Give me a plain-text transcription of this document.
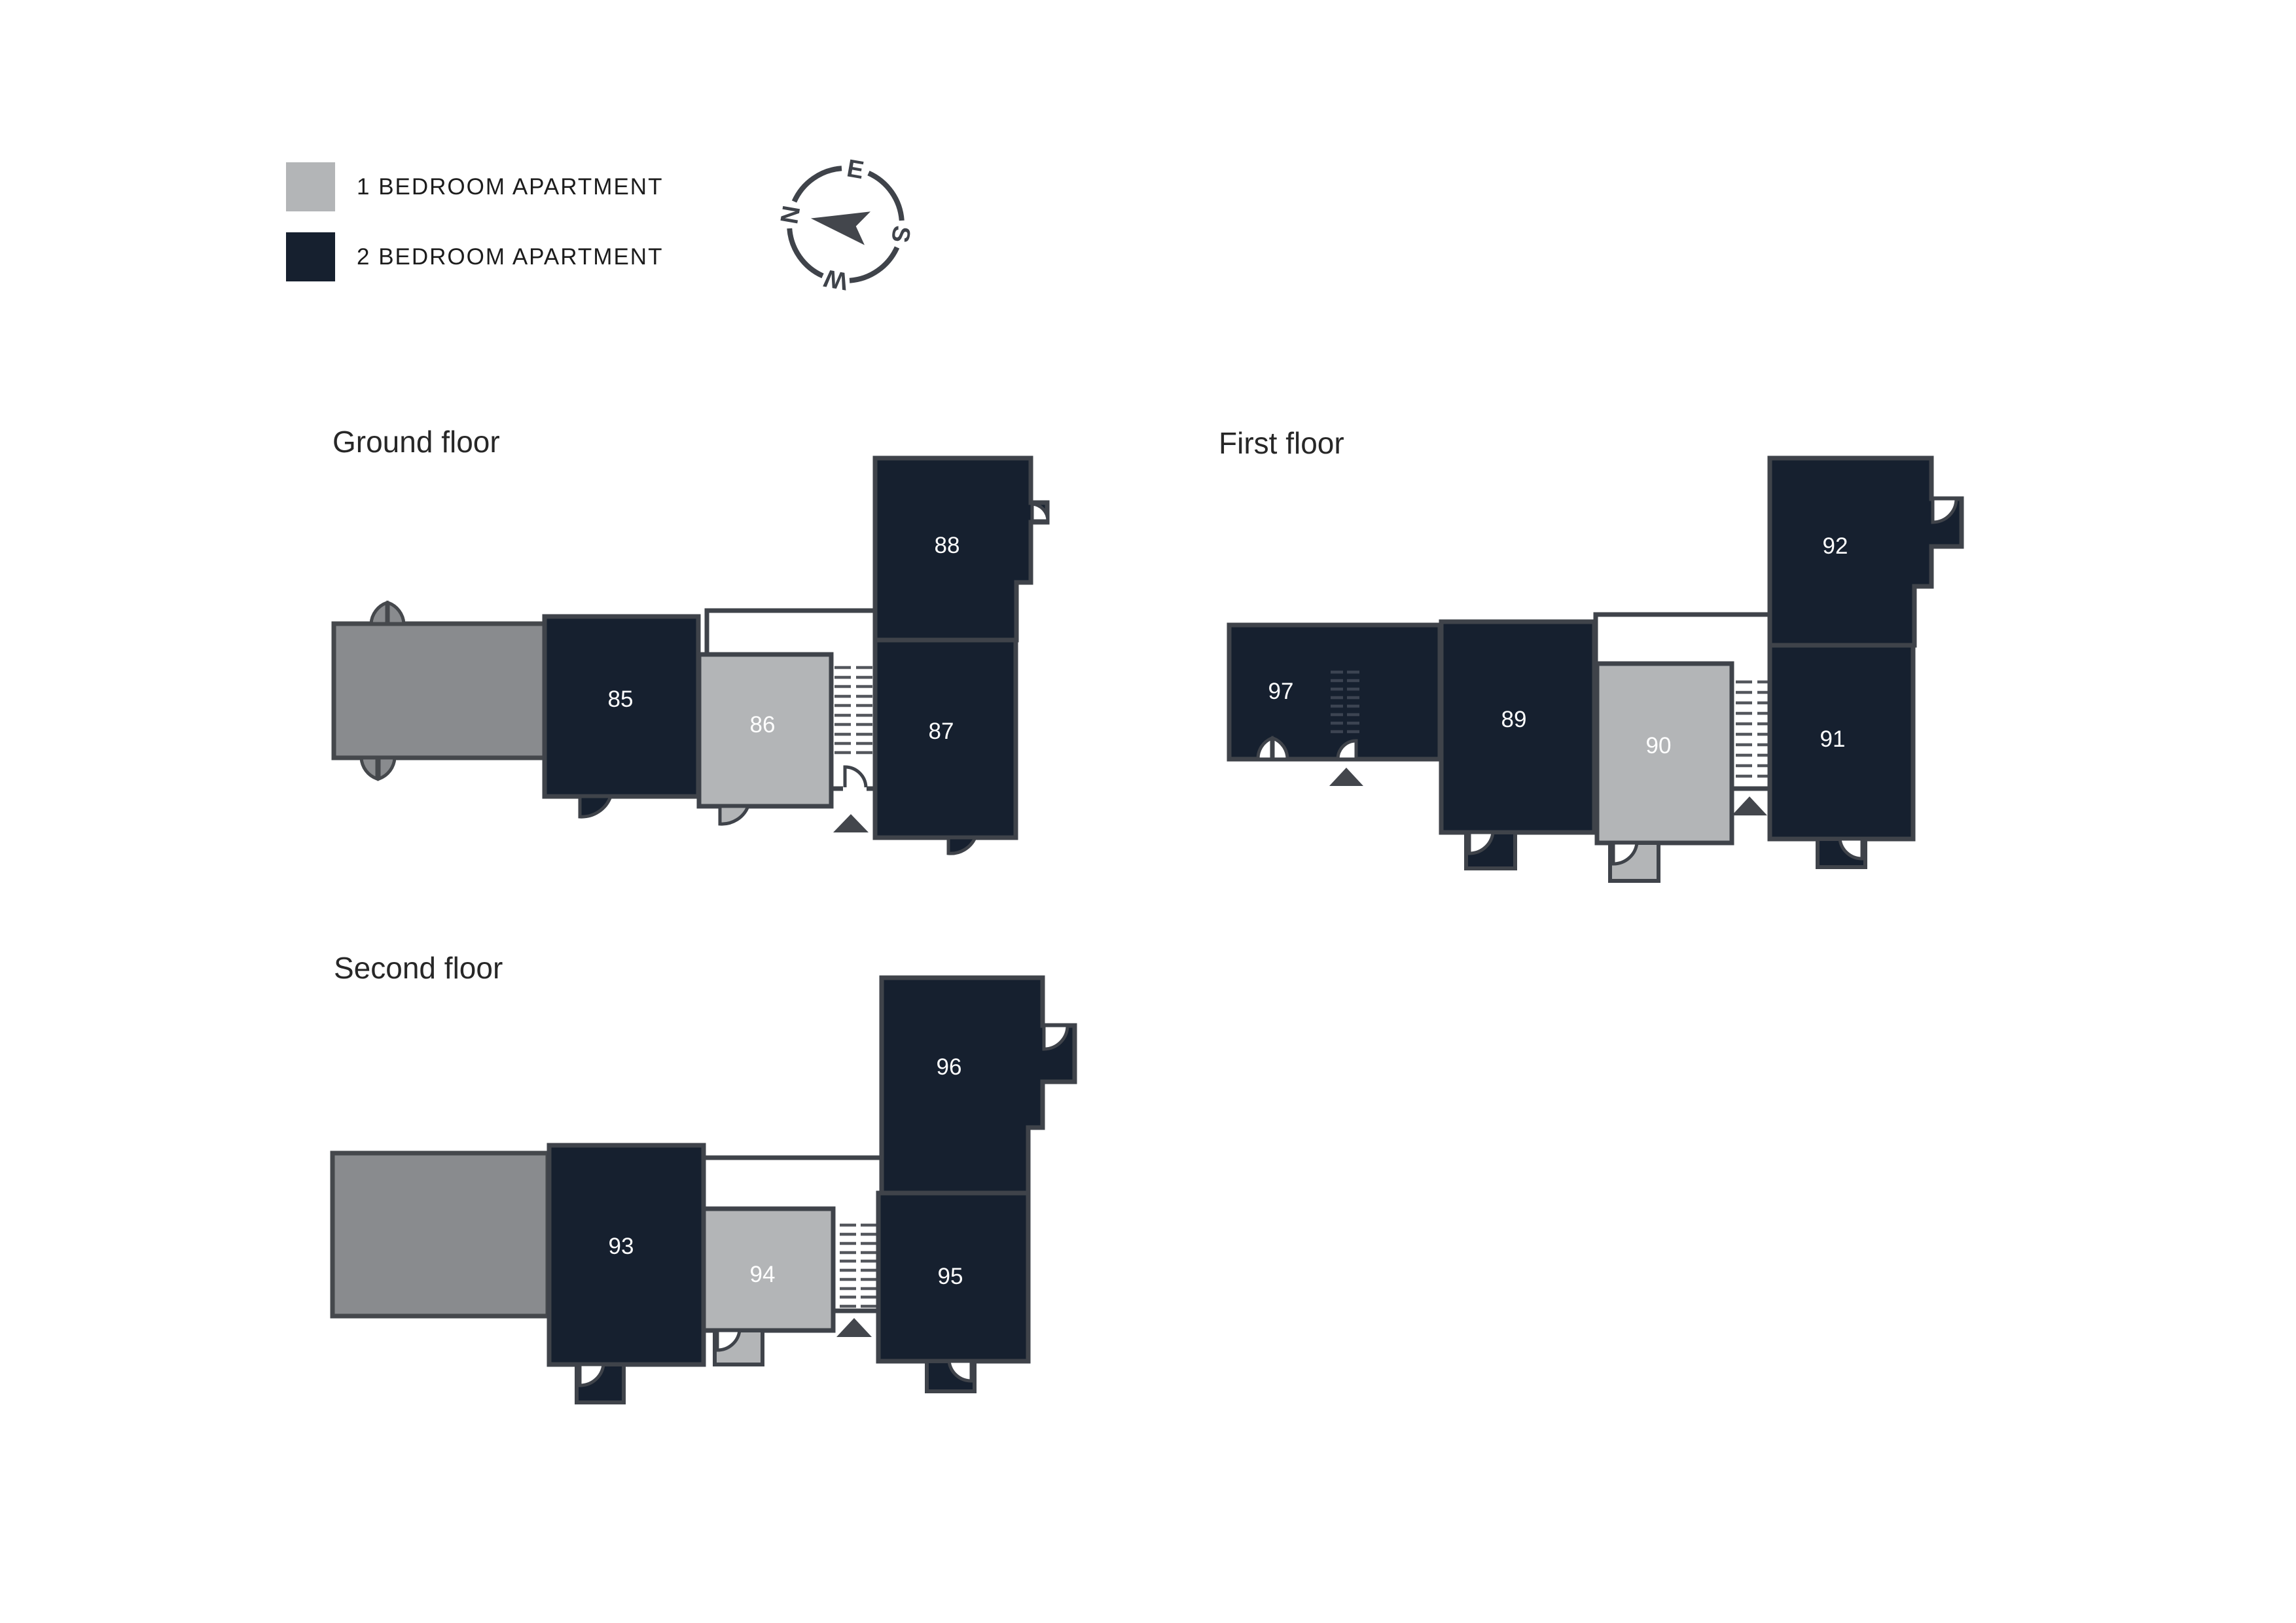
1 BEDROOM APARTMENT
2 BEDROOM APARTMENT
N
E
S
W
Ground floor
85
86	87
88
First floor
97
89
90	91
92
Second floor
93
94	95
96
